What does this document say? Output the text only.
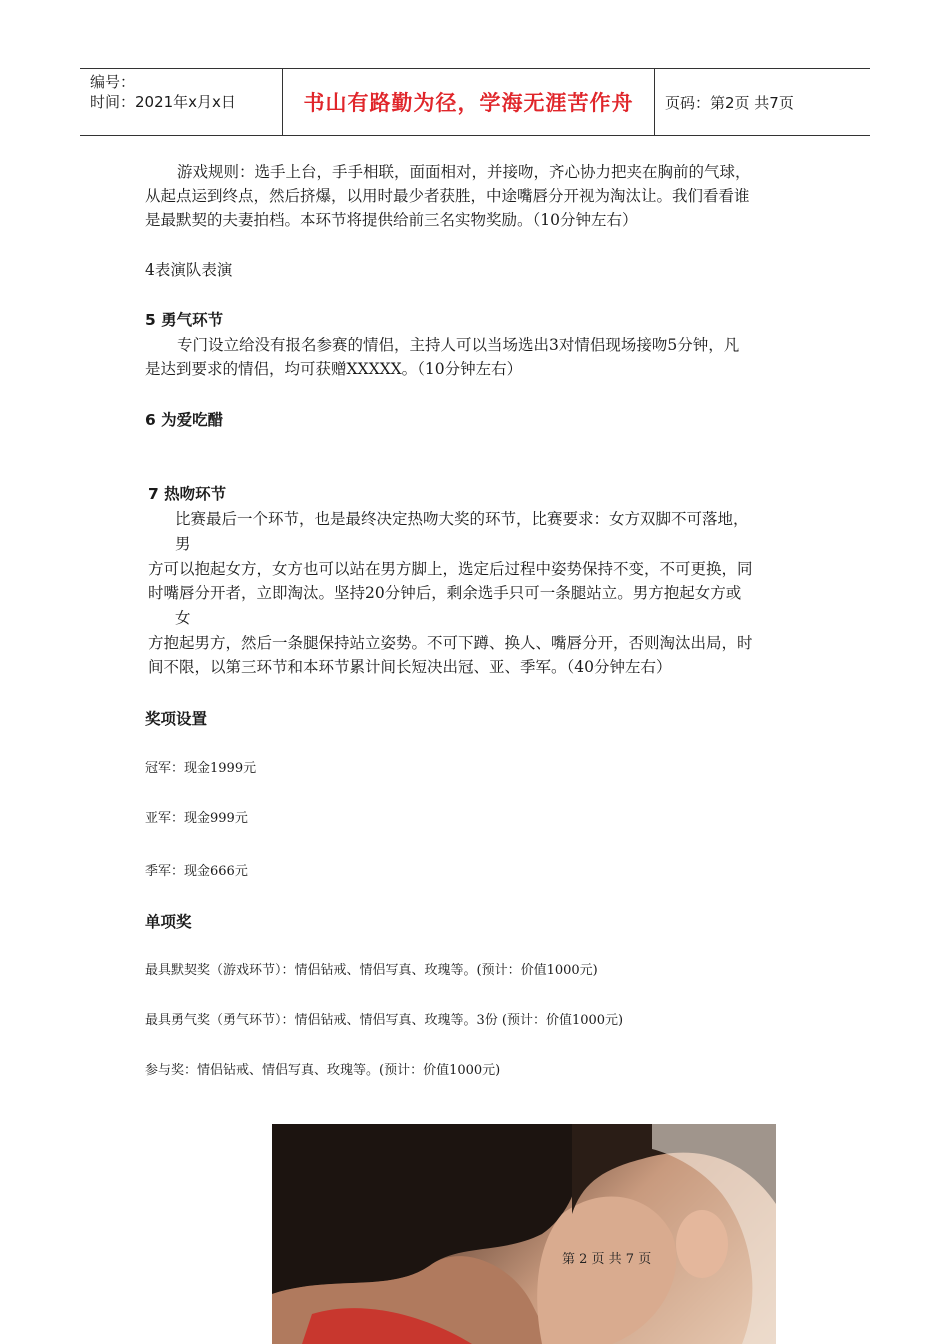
编号：
时间：2021年x月x日	书山有路勤为径，学海无涯苦作舟 页码：第2页 共7页
游戏规则：选手上台，手手相联，面面相对，并接吻，齐心协力把夹在胸前的气球，
从起点运到终点，然后挤爆，以用时最少者获胜，中途嘴唇分开视为淘汰让。我们看看谁
是最默契的夫妻拍档。本环节将提供给前三名实物奖励。（10分钟左右）
4表演队表演
5 勇气环节
专门设立给没有报名参赛的情侣，主持人可以当场选出3对情侣现场接吻5分钟，凡
是达到要求的情侣，均可获赠XXXXX。（10分钟左右）
6 为爱吃醋
7 热吻环节
比赛最后一个环节，也是最终决定热吻大奖的环节，比赛要求：女方双脚不可落地，
男
方可以抱起女方，女方也可以站在男方脚上，选定后过程中姿势保持不变，不可更换，同
时嘴唇分开者，立即淘汰。坚持20分钟后，剩余选手只可一条腿站立。男方抱起女方或
女
方抱起男方，然后一条腿保持站立姿势。不可下蹲、换人、嘴唇分开，否则淘汰出局，时
间不限，以第三环节和本环节累计间长短决出冠、亚、季军。（40分钟左右）
奖项设置
冠军：现金1999元
亚军：现金999元
季军：现金666元
单项奖
最具默契奖（游戏环节）：情侣钻戒、情侣写真、玫瑰等。(预计：价值1000元)
最具勇气奖（勇气环节）：情侣钻戒、情侣写真、玫瑰等。3份 (预计：价值1000元)
参与奖：情侣钻戒、情侣写真、玫瑰等。(预计：价值1000元)
第 2 页 共 7 页
